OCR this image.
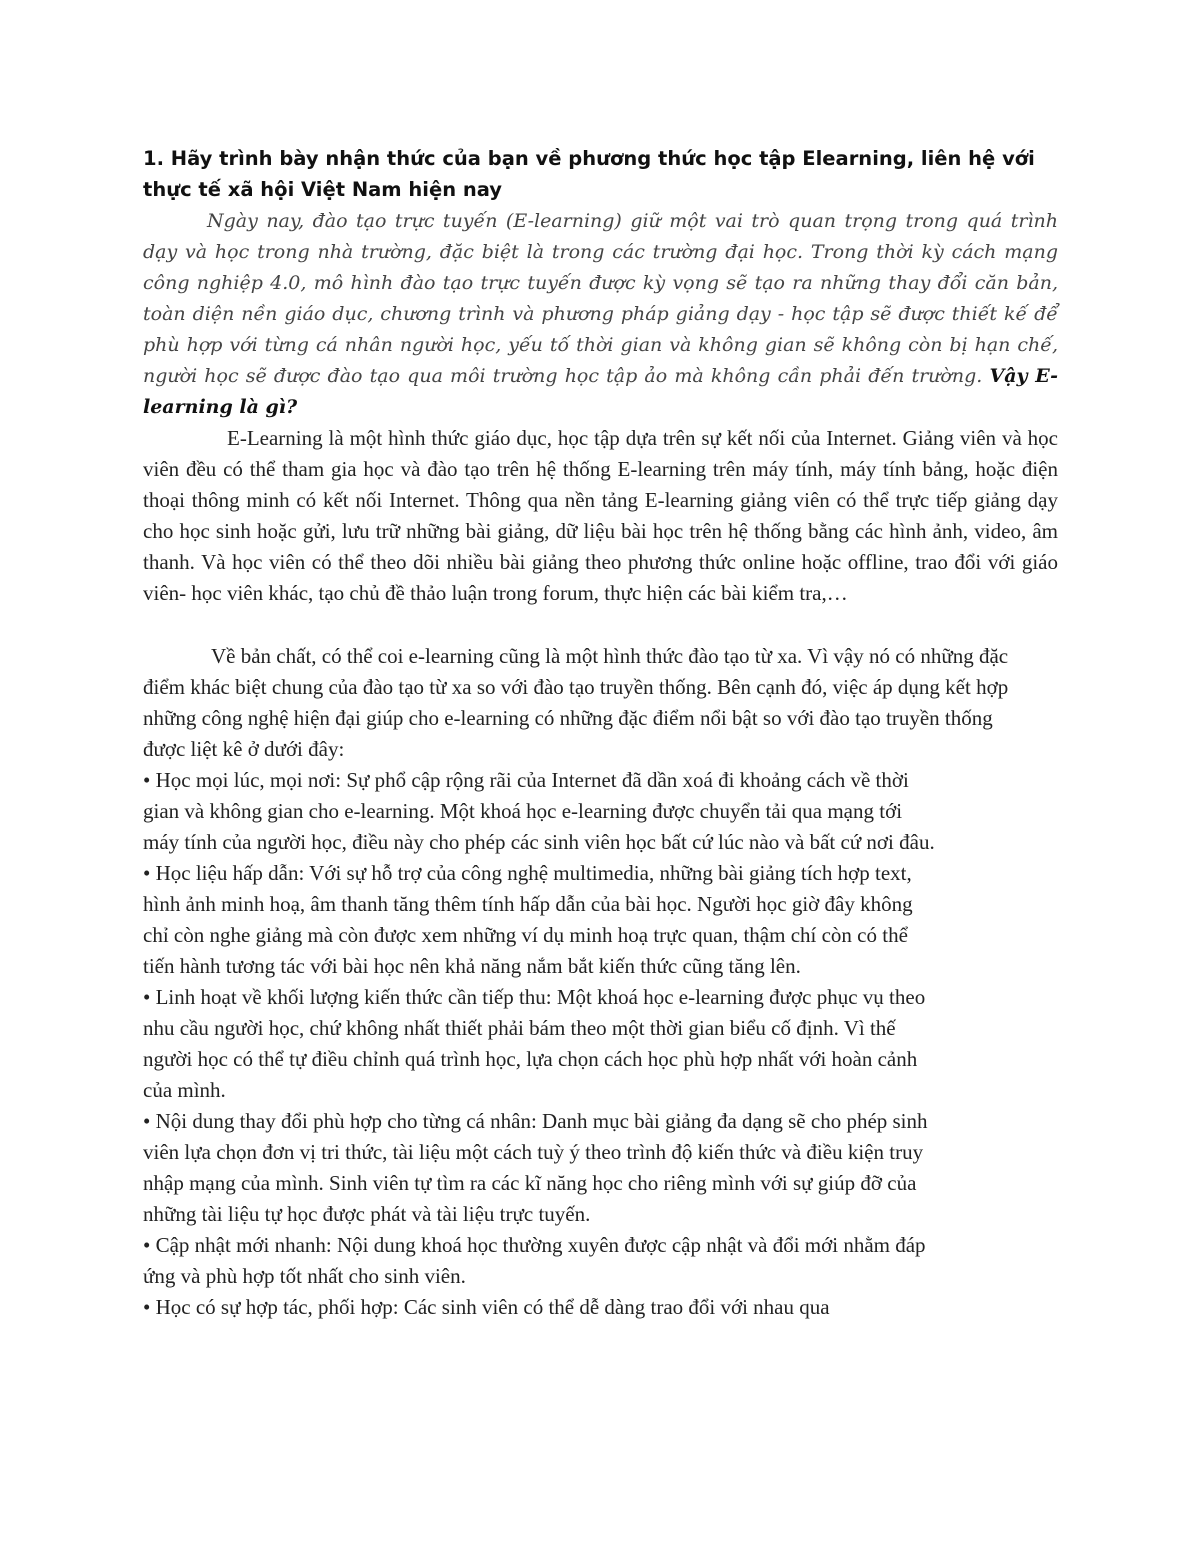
1. Hãy trình bày nhận thức của bạn về phương thức học tập Elearning, liên hệ với thực tế xã hội Việt Nam hiện nay

Ngày nay, đào tạo trực tuyến (E-learning) giữ một vai trò quan trọng trong quá trình dạy và học trong nhà trường, đặc biệt là trong các trường đại học. Trong thời kỳ cách mạng công nghiệp 4.0, mô hình đào tạo trực tuyến được kỳ vọng sẽ tạo ra những thay đổi căn bản, toàn diện nền giáo dục, chương trình và phương pháp giảng dạy - học tập sẽ được thiết kế để phù hợp với từng cá nhân người học, yếu tố thời gian và không gian sẽ không còn bị hạn chế, người học sẽ được đào tạo qua môi trường học tập ảo mà không cần phải đến trường. Vậy E-learning là gì?

E-Learning là một hình thức giáo dục, học tập dựa trên sự kết nối của Internet. Giảng viên và học viên đều có thể tham gia học và đào tạo trên hệ thống E-learning trên máy tính, máy tính bảng, hoặc điện thoại thông minh có kết nối Internet. Thông qua nền tảng E-learning giảng viên có thể trực tiếp giảng dạy cho học sinh hoặc gửi, lưu trữ những bài giảng, dữ liệu bài học trên hệ thống bằng các hình ảnh, video, âm thanh. Và học viên có thể theo dõi nhiều bài giảng theo phương thức online hoặc offline, trao đổi với giáo viên- học viên khác, tạo chủ đề thảo luận trong forum, thực hiện các bài kiểm tra,…

Về bản chất, có thể coi e-learning cũng là một hình thức đào tạo từ xa. Vì vậy nó có những đặc điểm khác biệt chung của đào tạo từ xa so với đào tạo truyền thống. Bên cạnh đó, việc áp dụng kết hợp những công nghệ hiện đại giúp cho e-learning có những đặc điểm nổi bật so với đào tạo truyền thống được liệt kê ở dưới đây:

• Học mọi lúc, mọi nơi: Sự phổ cập rộng rãi của Internet đã dần xoá đi khoảng cách về thời gian và không gian cho e-learning. Một khoá học e-learning được chuyển tải qua mạng tới máy tính của người học, điều này cho phép các sinh viên học bất cứ lúc nào và bất cứ nơi đâu.
• Học liệu hấp dẫn: Với sự hỗ trợ của công nghệ multimedia, những bài giảng tích hợp text, hình ảnh minh hoạ, âm thanh tăng thêm tính hấp dẫn của bài học. Người học giờ đây không chỉ còn nghe giảng mà còn được xem những ví dụ minh hoạ trực quan, thậm chí còn có thể tiến hành tương tác với bài học nên khả năng nắm bắt kiến thức cũng tăng lên.
• Linh hoạt về khối lượng kiến thức cần tiếp thu: Một khoá học e-learning được phục vụ theo nhu cầu người học, chứ không nhất thiết phải bám theo một thời gian biểu cố định. Vì thế người học có thể tự điều chỉnh quá trình học, lựa chọn cách học phù hợp nhất với hoàn cảnh của mình.
• Nội dung thay đổi phù hợp cho từng cá nhân: Danh mục bài giảng đa dạng sẽ cho phép sinh viên lựa chọn đơn vị tri thức, tài liệu một cách tuỳ ý theo trình độ kiến thức và điều kiện truy nhập mạng của mình. Sinh viên tự tìm ra các kĩ năng học cho riêng mình với sự giúp đỡ của những tài liệu tự học được phát và tài liệu trực tuyến.
• Cập nhật mới nhanh: Nội dung khoá học thường xuyên được cập nhật và đổi mới nhằm đáp ứng và phù hợp tốt nhất cho sinh viên.
• Học có sự hợp tác, phối hợp: Các sinh viên có thể dễ dàng trao đổi với nhau qua
